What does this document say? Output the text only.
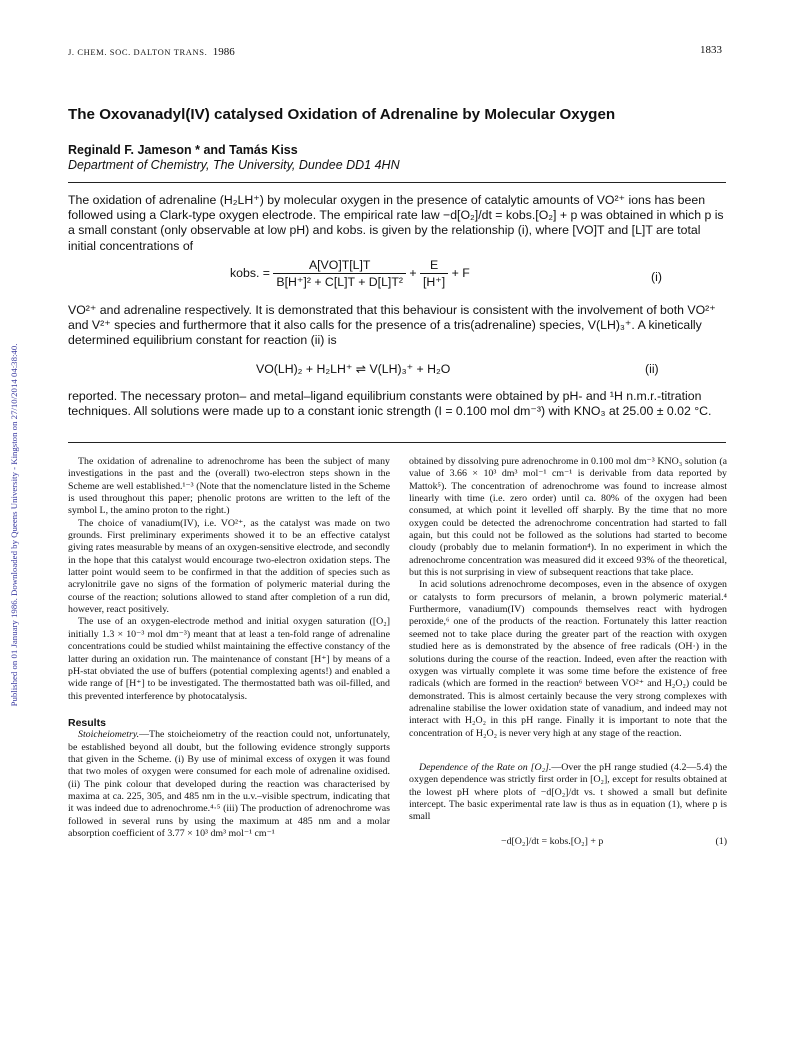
Published on 01 January 1986. Downloaded by Queens University - Kingston on 27/10/2014 04:38:40.
J. CHEM. SOC. DALTON TRANS. 1986	1833
The Oxovanadyl(IV) catalysed Oxidation of Adrenaline by Molecular Oxygen
Reginald F. Jameson * and Tamás Kiss
Department of Chemistry, The University, Dundee DD1 4HN

The oxidation of adrenaline (H₂LH⁺) by molecular oxygen in the presence of catalytic amounts of VO²⁺ ions has been followed using a Clark-type oxygen electrode. The empirical rate law −d[O₂]/dt = kobs.[O₂] + p was obtained in which p is a small constant (only observable at low pH) and kobs. is given by the relationship (i), where [VO]T and [L]T are total initial concentrations of

kobs. = $\frac{A[VO]T[L]T}{\text{B[H⁺]² + C[L]T + D[L]T²}} + \frac{E}{[H^+]} + F$	(i)

VO²⁺ and adrenaline respectively. It is demonstrated that this behaviour is consistent with the involvement of both VO²⁺ and V²⁺ species and furthermore that it also calls for the presence of a tris(adrenaline) species, V(LH)₃⁺. A kinetically determined equilibrium constant for reaction (ii) is

VO(LH)₂ + H₂LH⁺ ⇌ V(LH)₃⁺ + H₂O	(ii)

reported. The necessary proton– and metal–ligand equilibrium constants were obtained by pH- and ¹H n.m.r.-titration techniques. All solutions were made up to a constant ionic strength (I = 0.100 mol dm⁻³) with KNO₃ at 25.00 ± 0.02 °C.

The oxidation of adrenaline to adrenochrome has been the subject of many investigations in the past and the (overall) two-electron steps shown in the Scheme are well established.¹⁻³ (Note that the nomenclature listed in the Scheme is used throughout this paper; phenolic protons are written to the left of the symbol L, the amino proton to the right.)

The choice of vanadium(IV), i.e. VO²⁺, as the catalyst was made on two grounds. First preliminary experiments showed it to be an effective catalyst giving rates measurable by means of an oxygen-sensitive electrode, and secondly in the hope that this catalyst would encourage two-electron oxidation steps. The latter point would seem to be confirmed in that the addition of species such as acrylonitrile gave no signs of the formation of polymeric material during the course of the reaction; solutions allowed to stand after completion of a run did, however, react positively.

The use of an oxygen-electrode method and initial oxygen saturation ([O₂] initially 1.3 × 10⁻³ mol dm⁻³) meant that at least a ten-fold range of adrenaline concentrations could be studied whilst maintaining the effective constancy of the latter during an oxidation run. The maintenance of constant [H⁺] by means of a pH-stat obviated the use of buffers (potential complexing agents!) and enabled a wide range of [H⁺] to be investigated. The thermostatted bath was oil-filled, and this prevented interference by photocatalysis.

Results

Stoicheiometry.—The stoicheiometry of the reaction could not, unfortunately, be established beyond all doubt, but the following evidence strongly supports that given in the Scheme. (i) By use of minimal excess of oxygen it was found that two moles of oxygen were consumed for each mole of adrenaline oxidised. (ii) The pink colour that developed during the reaction was characterised by maxima at ca. 225, 305, and 485 nm in the u.v.–visible spectrum, indicating that it was indeed due to adrenochrome.⁴·⁵ (iii) The production of adrenochrome was followed in several runs by using the maximum at 485 nm and a molar absorption coefficient of 3.77 × 10³ dm³ mol⁻¹ cm⁻¹

obtained by dissolving pure adrenochrome in 0.100 mol dm⁻³ KNO₃ solution (a value of 3.66 × 10³ dm³ mol⁻¹ cm⁻¹ is derivable from data reported by Mattok⁵). The concentration of adrenochrome was found to increase almost linearly with time (i.e. zero order) until ca. 80% of the oxygen had been consumed, at which point it levelled off sharply. By the time that no more oxygen could be detected the adrenochrome concentration had started to fall again, but this could not be followed as the solutions had started to become cloudy (probably due to melanin formation⁴). In no experiment in which the adrenochrome concentration was measured did it exceed 93% of the theoretical, but this is not surprising in view of subsequent reactions that take place.

In acid solutions adrenochrome decomposes, even in the absence of oxygen or catalysts to form precursors of melanin, a brown polymeric material.⁴ Furthermore, vanadium(IV) compounds themselves react with hydrogen peroxide,⁶ one of the products of the reaction. Fortunately this latter reaction seemed not to take place during the greater part of the reaction with oxygen studied here as is demonstrated by the absence of free radicals (OH·) in the solutions during the course of the reaction. Indeed, even after the reaction with oxygen was virtually complete it was some time before the existence of free radicals (which are formed in the reaction⁶ between VO²⁺ and H₂O₂) could be demonstrated. This is almost certainly because the very strong complexes with adrenaline stabilise the lower oxidation state of vanadium, and indeed may not interact with H₂O₂ in this pH range. Finally it is important to note that the concentration of H₂O₂ is never very high at any stage of the reaction.

Dependence of the Rate on [O₂].—Over the pH range studied (4.2—5.4) the oxygen dependence was strictly first order in [O₂], except for results obtained at the lowest pH where plots of −d[O₂]/dt vs. t showed a small but definite intercept. The basic experimental rate law is thus as in equation (1), where p is small

−d[O₂]/dt = kobs.[O₂] + p	(1)
